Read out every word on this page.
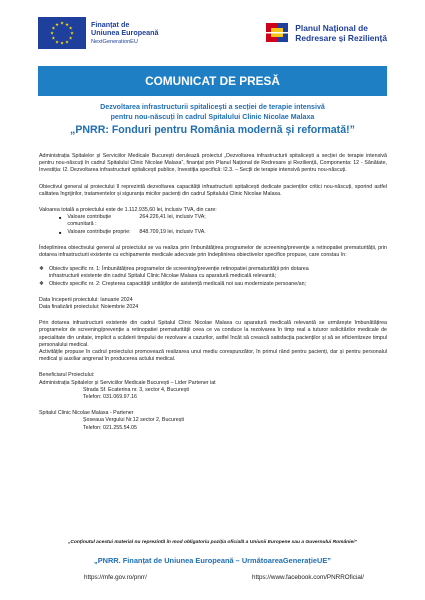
★ ★
★
★
★
★
★
★
★
★
★
★	Finanțat de
Uniunea Europeană
NextGenerationEU
Planul Național de
Redresare și Reziliență
COMUNICAT DE PRESĂ
Dezvoltarea infrastructurii spitalicești a secției de terapie intensivă
pentru nou-născuți în cadrul Spitalului Clinic Nicolae Malaxa
„PNRR: Fonduri pentru România modernă și reformată!”

Administrația Spitalelor și Serviciilor Medicale București derulează proiectul „Dezvoltarea infrastructurii spitalicești a secției de terapie intensivă pentru nou-născuți în cadrul Spitalului Clinic Nicolae Malaxa”, finanțat prin Planul Național de Redresare și Reziliență, Componenta: 12 - Sănătate, Investiția: I2. Dezvoltarea infrastructurii spitalicești publice, Investiția specifică: I2.3. – Secții de terapie intensivă pentru nou-născuți.

Obiectivul general al proiectului îl reprezintă dezvoltarea capacității infrastructurii spitalicești dedicate pacienților critici nou-născuți, sporind astfel calitatea îngrijirilor, tratamentelor și siguranța micilor pacienți din cadrul Spitalului Clinic Nicolae Malaxa.

Valoarea totală a proiectului este de 1.112.935,60 lei, inclusiv TVA, din care:

■ Valoare contribuție comunitară :
264.226,41 lei, inclusiv TVA;
■ Valoare contribuție proprie:	848.709,19 lei, inclusiv TVA.

Îndeplinirea obiectivului general al proiectului se va realiza prin îmbunătățirea programelor de screening/prevenție a retinopatiei prematurității, prin dotarea infrastructurii existente cu echipamente medicale adecvate prin îndeplinirea obiectivelor specifice propuse, care constau în:

❖ Obiectiv specific nr. 1: Îmbunătățirea programelor de screening/prevenție retinopatiei prematurității prin dotarea
infrastructurii existente din cadrul Spitalul Clinic Nicolae Malaxa cu aparatură medicală relevantă;
❖ Obiectiv specific nr. 2: Creșterea capacității unităților de asistență medicală noi sau modernizate persoane/an;

Data începerii proiectului: Ianuarie 2024

Data finalizării proiectului: Noiembrie 2024

Prin dotarea infrastructurii existente din cadrul Spitalul Clinic Nicolae Malaxa cu aparatură medicală relevantă se urmărește îmbunătățirea programelor de screening/prevenție a retinopatiei prematurității ceea ce va conduce la rezolvarea în timp real a tuturor solicitărilor medicale de specialitate din unitate, implicit a scăderii timpului de rezolvare a cazurilor, astfel încât să crească satisfacția pacienților și să se eficientizeze timpul personalului medical.

Activitățile propuse în cadrul proiectului promovează realizarea unui mediu corespunzător, în primul rând pentru pacienți, dar și pentru personalul medical și auxiliar angrenat în producerea actului medical.

Beneficiarul Proiectului:

Administrația Spitalelor și Serviciilor Medicale București – Lider Partener iat

Strada Sf. Ecaterina nr. 3, sector 4, București

Telefon: 031.069.97.16

Spitalul Clinic Nicolae Malaxa - Partener

Șoseaua Vergului Nr.12 sector 2, București

Telefon: 021.255.54.05

„Conținutul acestui material nu reprezintă în mod obligatoriu poziția oficială a Uniunii Europene sau a Guvernului României”
„PNRR. Finanțat de Uniunea Europeană – UrmătoareaGenerațieUE”
https://mfe.gov.ro/pnrr/	https://www.facebook.com/PNRROficial/
